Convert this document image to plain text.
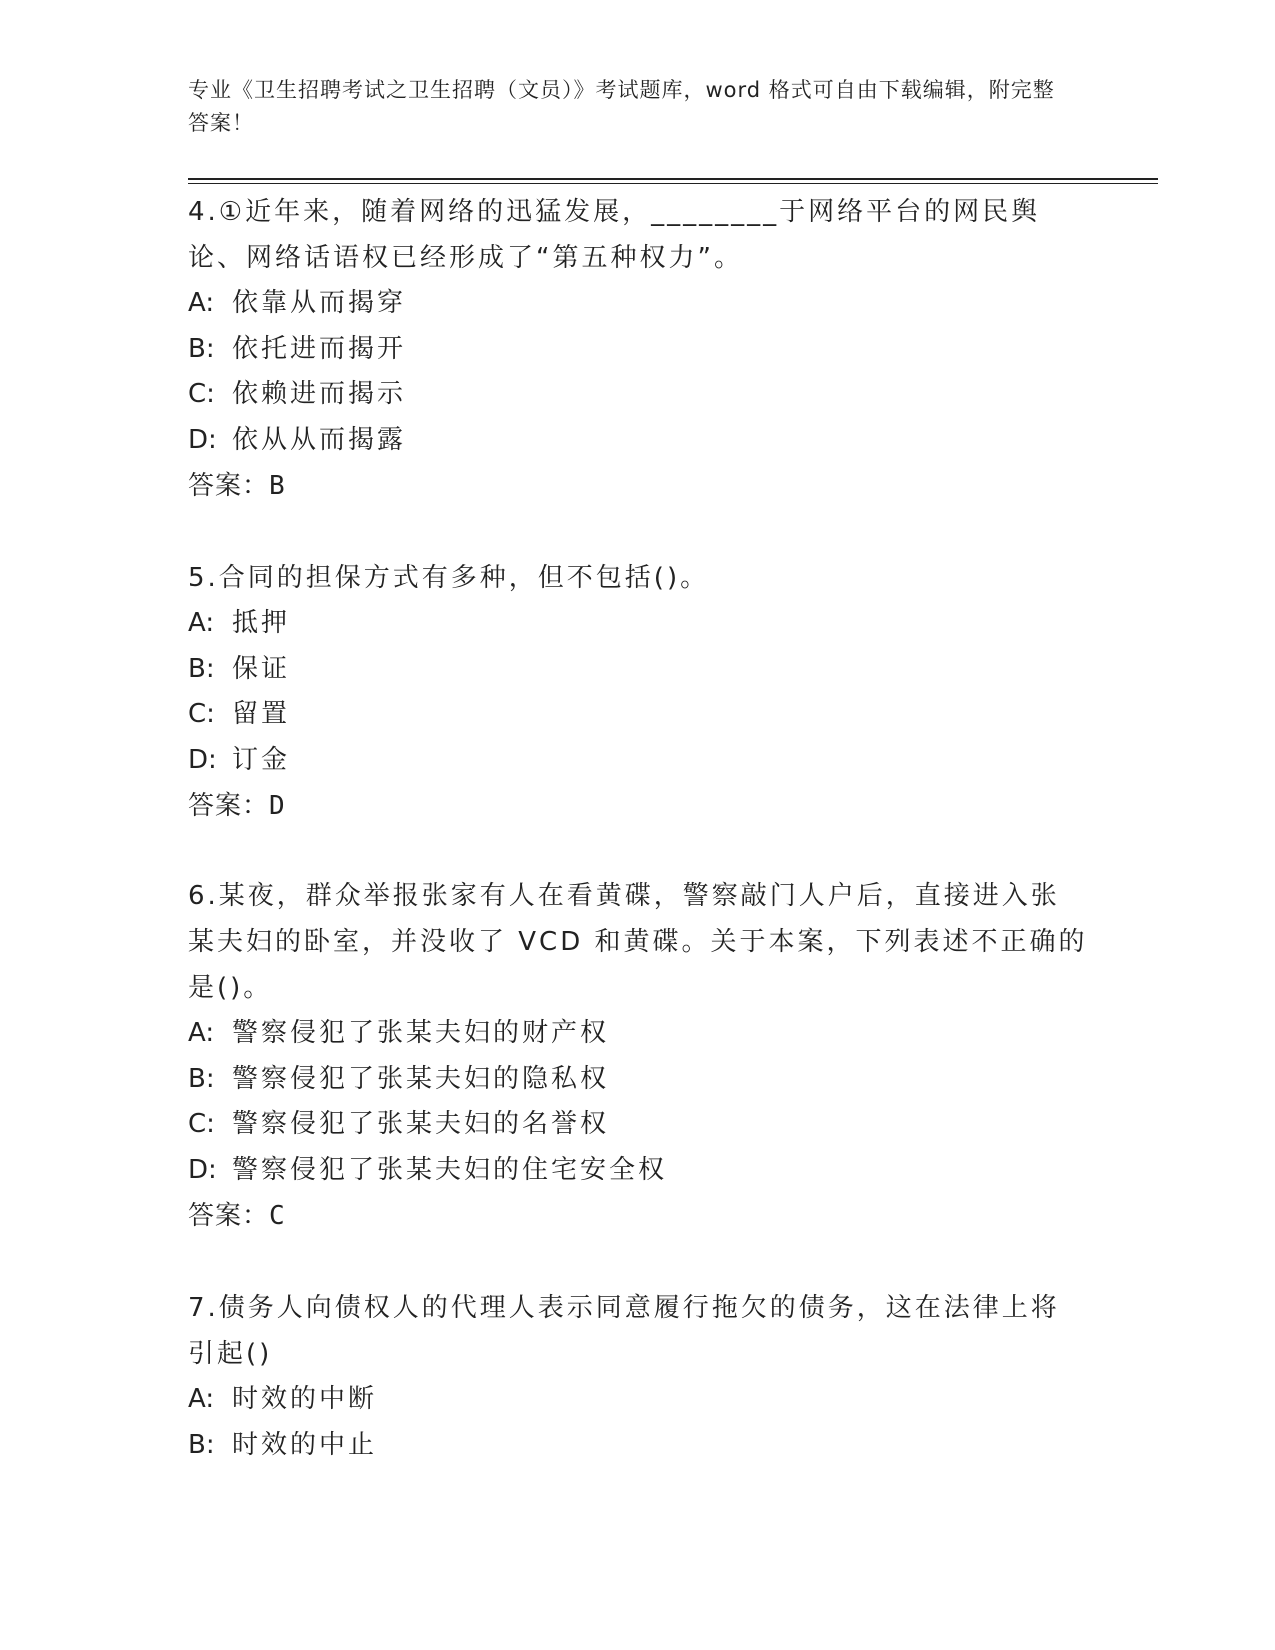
专业《卫生招聘考试之卫生招聘（文员）》考试题库，word 格式可自由下载编辑，附完整答案！
4.①近年来，随着网络的迅猛发展，________于网络平台的网民舆论、网络话语权已经形成了“第五种权力”。
A: 依靠从而揭穿
B: 依托进而揭开
C: 依赖进而揭示
D: 依从从而揭露
答案：B
5.合同的担保方式有多种，但不包括()。
A: 抵押
B: 保证
C: 留置
D: 订金
答案：D
6.某夜，群众举报张家有人在看黄碟，警察敲门人户后，直接进入张某夫妇的卧室，并没收了 VCD 和黄碟。关于本案，下列表述不正确的是()。
A: 警察侵犯了张某夫妇的财产权
B: 警察侵犯了张某夫妇的隐私权
C: 警察侵犯了张某夫妇的名誉权
D: 警察侵犯了张某夫妇的住宅安全权
答案：C
7.债务人向债权人的代理人表示同意履行拖欠的债务，这在法律上将引起()
A: 时效的中断
B: 时效的中止
